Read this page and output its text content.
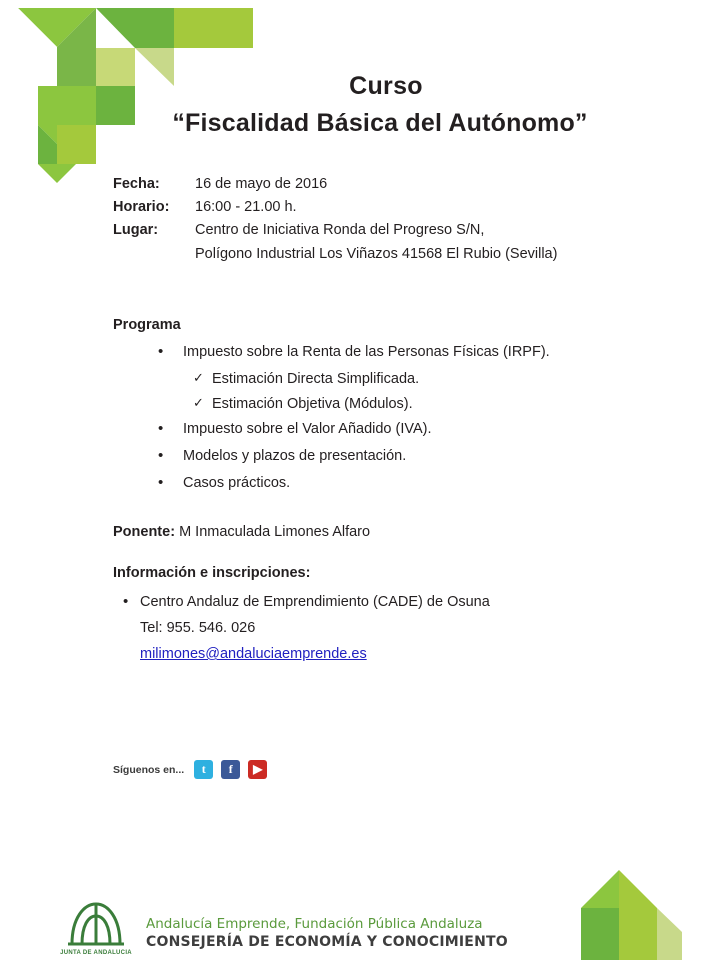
Curso
“Fiscalidad Básica del Autónomo”
Fecha:	16 de mayo de 2016
Horario:	16:00 - 21.00 h.
Lugar:	Centro de Iniciativa Ronda del Progreso S/N,
Polígono Industrial Los Viñazos 41568 El Rubio (Sevilla)
Programa
• Impuesto sobre la Renta de las Personas Físicas (IRPF).
✓ Estimación Directa Simplificada.
✓ Estimación Objetiva (Módulos).
• Impuesto sobre el Valor Añadido (IVA).
• Modelos y plazos de presentación.
• Casos prácticos.
Ponente: M Inmaculada Limones Alfaro
Información e inscripciones:
• Centro Andaluz de Emprendimiento (CADE) de Osuna
Tel: 955. 546. 026
milimones@andaluciaemprende.es
Síguenos en...	t	f	▶
JUNTA DE ANDALUCIA
Andalucía Emprende, Fundación Pública Andaluza
CONSEJERÍA DE ECONOMÍA Y CONOCIMIENTO
